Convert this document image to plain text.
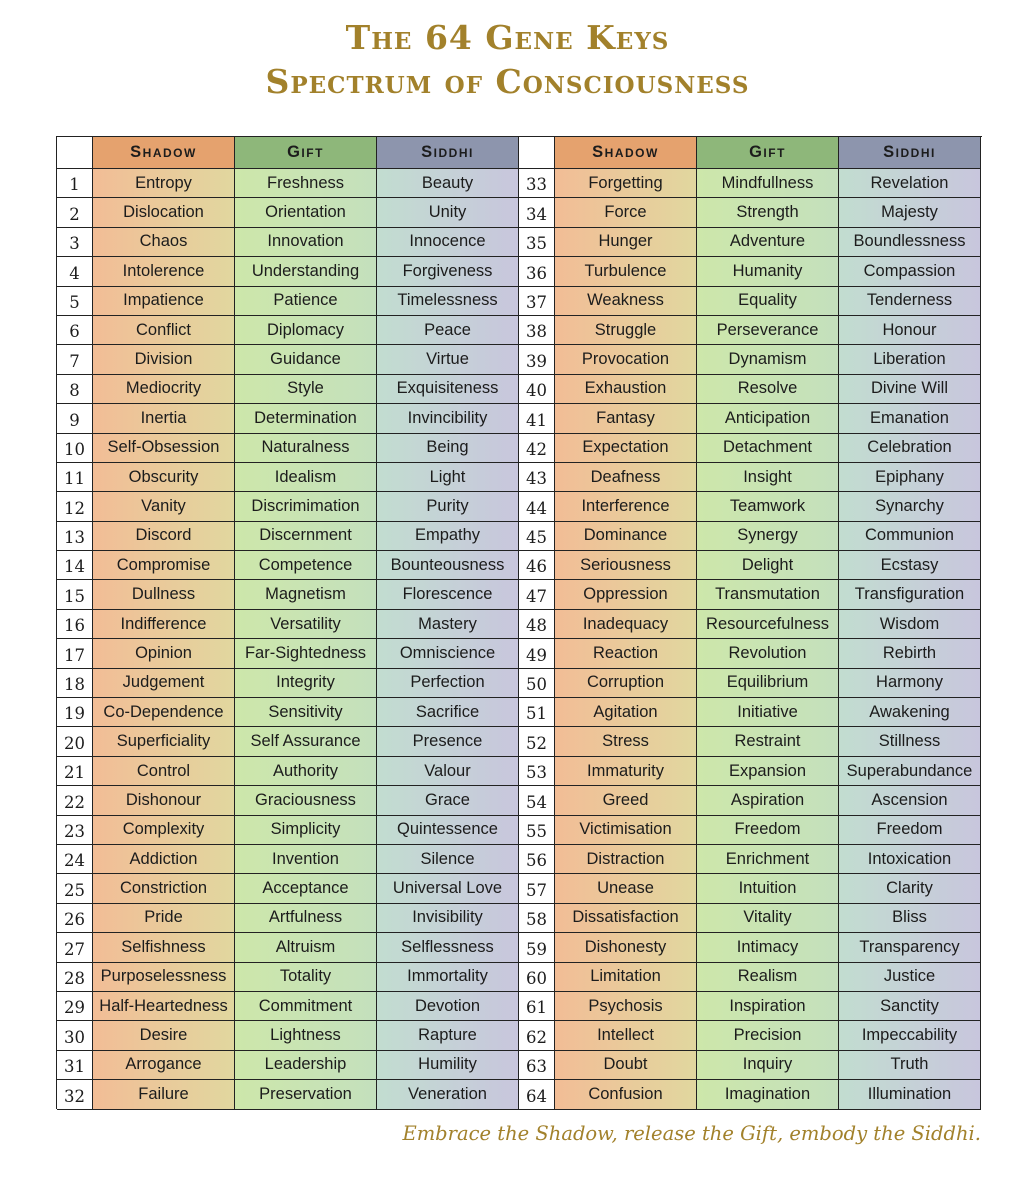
The 64 Gene Keys
Spectrum of Consciousness
Shadow	Gift	Siddhi	Shadow	Gift	Siddhi
1	Entropy	Freshness	Beauty	33	Forgetting	Mindfullness	Revelation
2	Dislocation	Orientation	Unity	34	Force	Strength	Majesty
3	Chaos	Innovation	Innocence	35	Hunger	Adventure	Boundlessness
4	Intolerence	Understanding	Forgiveness	36	Turbulence	Humanity	Compassion
5	Impatience	Patience	Timelessness	37	Weakness	Equality	Tenderness
6	Conflict	Diplomacy	Peace	38	Struggle	Perseverance	Honour
7	Division	Guidance	Virtue	39	Provocation	Dynamism	Liberation
8	Mediocrity	Style	Exquisiteness	40	Exhaustion	Resolve	Divine Will
9	Inertia	Determination	Invincibility	41	Fantasy	Anticipation	Emanation
10	Self-Obsession	Naturalness	Being	42	Expectation	Detachment	Celebration
11	Obscurity	Idealism	Light	43	Deafness	Insight	Epiphany
12	Vanity	Discrimimation	Purity	44	Interference	Teamwork	Synarchy
13	Discord	Discernment	Empathy	45	Dominance	Synergy	Communion
14	Compromise	Competence	Bounteousness	46	Seriousness	Delight	Ecstasy
15	Dullness	Magnetism	Florescence	47	Oppression	Transmutation	Transfiguration
16	Indifference	Versatility	Mastery	48	Inadequacy	Resourcefulness	Wisdom
17	Opinion	Far-Sightedness	Omniscience	49	Reaction	Revolution	Rebirth
18	Judgement	Integrity	Perfection	50	Corruption	Equilibrium	Harmony
19	Co-Dependence	Sensitivity	Sacrifice	51	Agitation	Initiative	Awakening
20	Superficiality	Self Assurance	Presence	52	Stress	Restraint	Stillness
21	Control	Authority	Valour	53	Immaturity	Expansion	Superabundance
22	Dishonour	Graciousness	Grace	54	Greed	Aspiration	Ascension
23	Complexity	Simplicity	Quintessence	55	Victimisation	Freedom	Freedom
24	Addiction	Invention	Silence	56	Distraction	Enrichment	Intoxication
25	Constriction	Acceptance	Universal Love	57	Unease	Intuition	Clarity
26	Pride	Artfulness	Invisibility	58	Dissatisfaction	Vitality	Bliss
27	Selfishness	Altruism	Selflessness	59	Dishonesty	Intimacy	Transparency
28 Purposelessness	Totality	Immortality	60	Limitation	Realism	Justice
29 Half-Heartedness	Commitment	Devotion	61	Psychosis	Inspiration	Sanctity
30	Desire	Lightness	Rapture	62	Intellect	Precision	Impeccability
31	Arrogance	Leadership	Humility	63	Doubt	Inquiry	Truth
32	Failure	Preservation	Veneration	64	Confusion	Imagination	Illumination
Embrace the Shadow, release the Gift, embody the Siddhi.
